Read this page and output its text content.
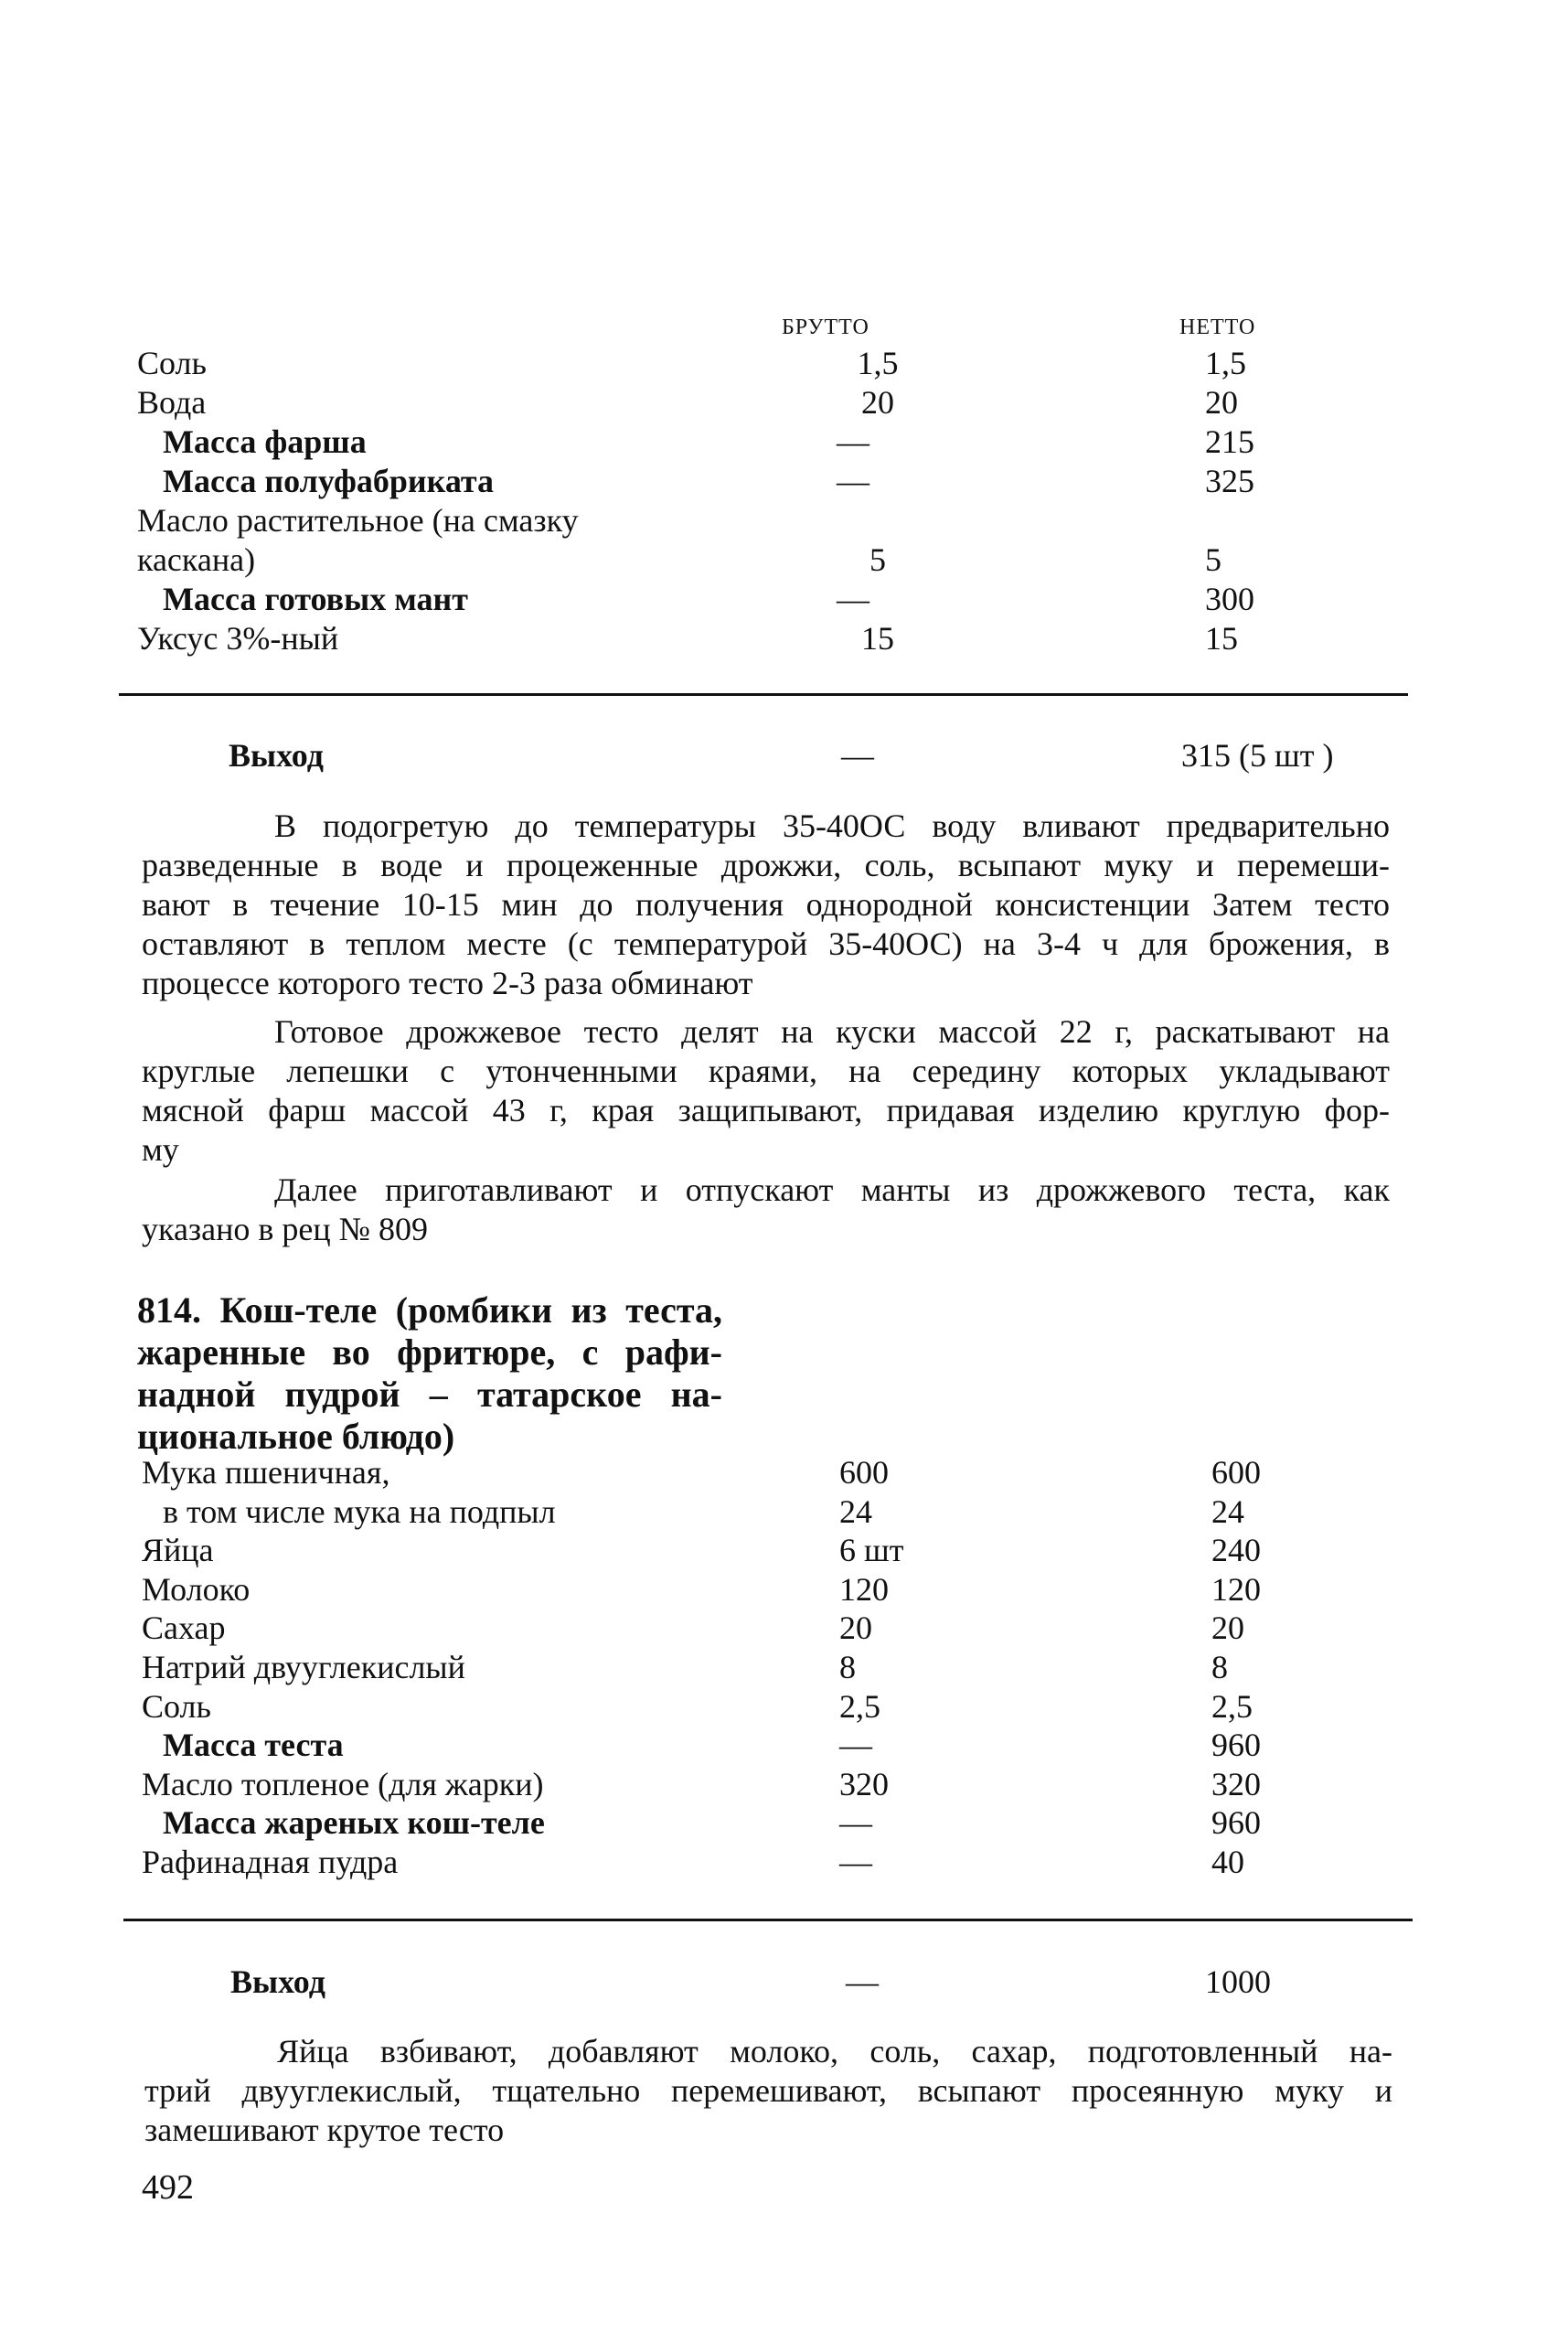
БРУТТО	НЕТТО
Соль	1,5	1,5
Вода	20	20
Масса фарша	—	215
Масса полуфабриката	—	325
Масло растительное (на смазку
каскана)	5	5
Масса готовых мант	—	300
Уксус 3%-ный	15	15
Выход	—	315 (5 шт )
В подогретую до температуры 35-40ОС воду вливают предварительно
разведенные в воде и процеженные дрожжи, соль, всыпают муку и перемеши-
вают в течение 10-15 мин до получения однородной консистенции Затем тесто
оставляют в теплом месте (с температурой 35-40ОС) на 3-4 ч для брожения, в
процессе которого тесто 2-3 раза обминают
Готовое дрожжевое тесто делят на куски массой 22 г, раскатывают на
круглые лепешки с утонченными краями, на середину которых укладывают
мясной фарш массой 43 г, края защипывают, придавая изделию круглую фор-
му
Далее приготавливают и отпускают манты из дрожжевого теста, как
указано в рец № 809
814. Кош-теле (ромбики из теста,
жаренные во фритюре, с рафи-
надной пудрой – татарское на-
циональное блюдо)
Мука пшеничная,	600	600
в том числе мука на подпыл	24	24
Яйца	6 шт	240
Молоко	120	120
Сахар	20	20
Натрий двууглекислый	8	8
Соль	2,5	2,5
Масса теста	—	960
Масло топленое (для жарки)	320	320
Масса жареных кош-теле	—	960
Рафинадная пудра	—	40
Выход	—	1000
Яйца взбивают, добавляют молоко, соль, сахар, подготовленный на-
трий двууглекислый, тщательно перемешивают, всыпают просеянную муку и
замешивают крутое тесто
492
